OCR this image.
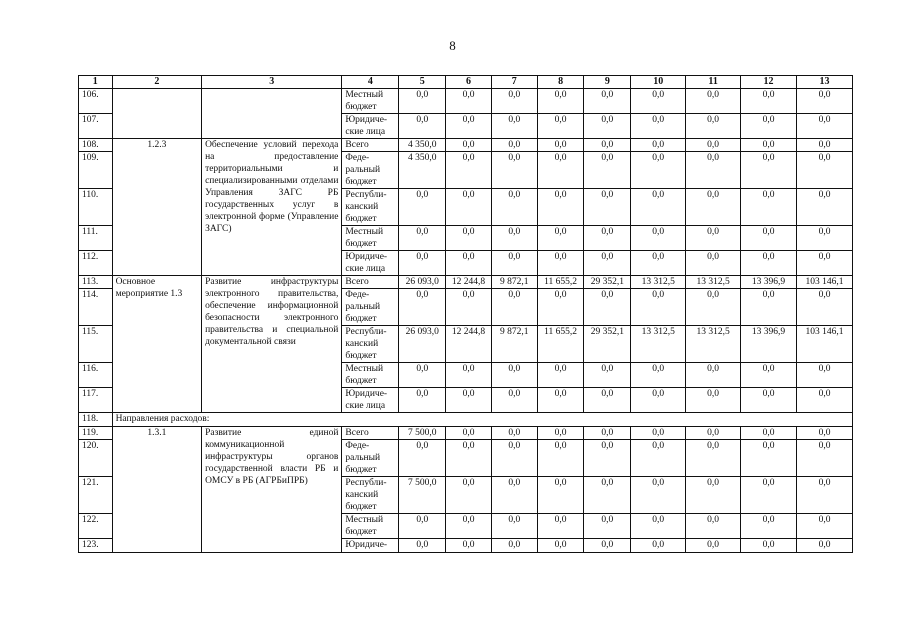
8
1	2	3	4	5	6	7	8	9	10	11	12	13
106.			Местный бюджет	0,0	0,0	0,0	0,0	0,0	0,0	0,0	0,0	0,0
107.			Юридиче-ские лица	0,0	0,0	0,0	0,0	0,0	0,0	0,0	0,0	0,0
108.	1.2.3	Обеспечение условий перехода на предоставление территориальными и специализированными отделами Управления ЗАГС РБ государственных услуг в электронной форме (Управление ЗАГС)	Всего	4 350,0	0,0	0,0	0,0	0,0	0,0	0,0	0,0	0,0
109.			Феде-ральный бюджет	4 350,0	0,0	0,0	0,0	0,0	0,0	0,0	0,0	0,0
110.			Республи-канский бюджет	0,0	0,0	0,0	0,0	0,0	0,0	0,0	0,0	0,0
111.			Местный бюджет	0,0	0,0	0,0	0,0	0,0	0,0	0,0	0,0	0,0
112.			Юридиче-ские лица	0,0	0,0	0,0	0,0	0,0	0,0	0,0	0,0	0,0
113.	Основное мероприятие 1.3	Развитие инфраструктуры электронного правительства, обеспечение информационной безопасности электронного правительства и специальной документальной связи	Всего	26 093,0	12 244,8	9 872,1	11 655,2	29 352,1	13 312,5	13 312,5	13 396,9	103 146,1
114.			Феде-ральный бюджет	0,0	0,0	0,0	0,0	0,0	0,0	0,0	0,0	0,0
115.			Республи-канский бюджет	26 093,0	12 244,8	9 872,1	11 655,2	29 352,1	13 312,5	13 312,5	13 396,9	103 146,1
116.			Местный бюджет	0,0	0,0	0,0	0,0	0,0	0,0	0,0	0,0	0,0
117.			Юридиче-ские лица	0,0	0,0	0,0	0,0	0,0	0,0	0,0	0,0	0,0
118.	Направления расходов:											
119.	1.3.1	Развитие единой коммуникационной инфраструктуры органов государственной власти РБ и ОМСУ в РБ (АГРБиПРБ)	Всего	7 500,0	0,0	0,0	0,0	0,0	0,0	0,0	0,0	0,0
120.			Феде-ральный бюджет	0,0	0,0	0,0	0,0	0,0	0,0	0,0	0,0	0,0
121.			Республи-канский бюджет	7 500,0	0,0	0,0	0,0	0,0	0,0	0,0	0,0	0,0
122.			Местный бюджет	0,0	0,0	0,0	0,0	0,0	0,0	0,0	0,0	0,0
123.			Юридиче-	0,0	0,0	0,0	0,0	0,0	0,0	0,0	0,0	0,0
